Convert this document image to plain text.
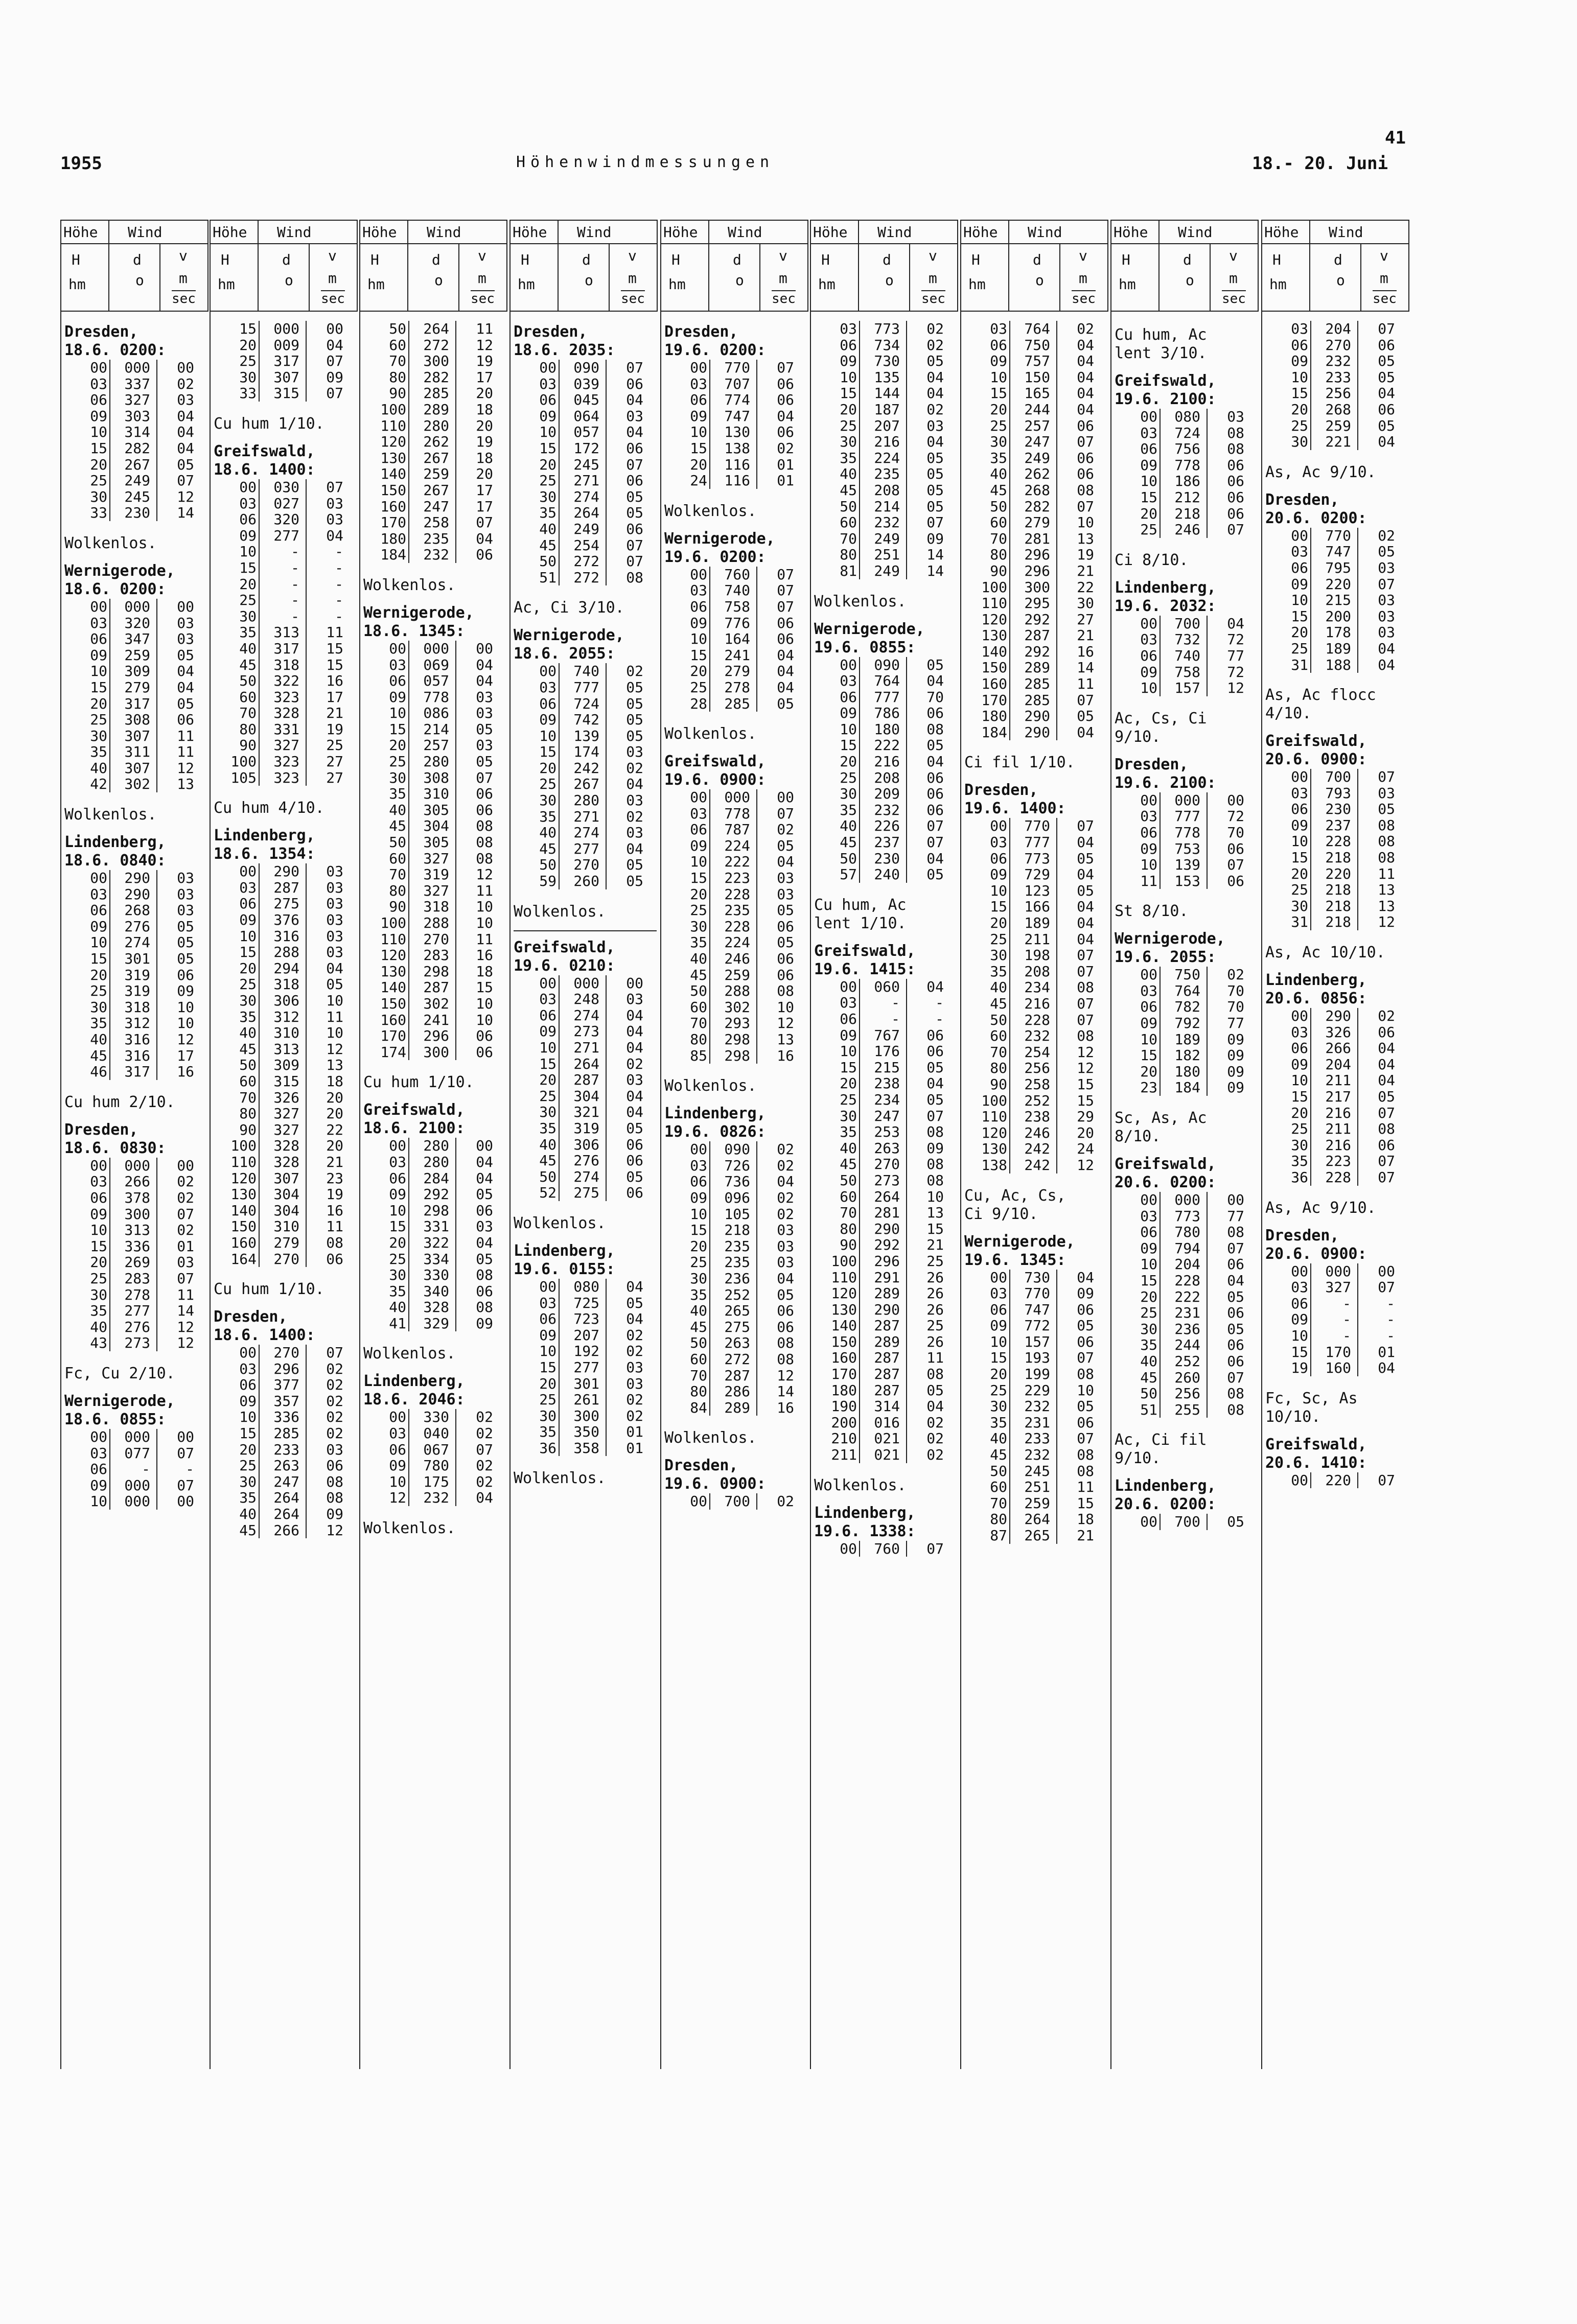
1955	Höhenwindmessungen
41
18.- 20. Juni
Höhe Wind
H
hm
d
o
v
m
sec
Dresden,
18.6. 0200:
00	000	00
03	337	02
06	327	03
09	303	04
10	314	04
15	282	04
20	267	05
25	249	07
30	245	12
33	230	14
Wolkenlos.
Wernigerode,
18.6. 0200:
00	000	00
03	320	03
06	347	03
09	259	05
10	309	04
15	279	04
20	317	05
25	308	06
30	307	11
35	311	11
40	307	12
42	302	13
Wolkenlos.
Lindenberg,
18.6. 0840:
00	290	03
03	290	03
06	268	03
09	276	05
10	274	05
15	301	05
20	319	06
25	319	09
30	318	10
35	312	10
40	316	12
45	316	17
46	317	16
Cu hum 2/10.
Dresden,
18.6. 0830:
00	000	00
03	266	02
06	378	02
09	300	07
10	313	02
15	336	01
20	269	03
25	283	07
30	278	11
35	277	14
40	276	12
43	273	12
Fc, Cu 2/10.
Wernigerode,
18.6. 0855:
00	000	00
03	077	07
06	-	-
09	000	07
10	000	00
Höhe Wind
H
hm
d
o
v
m
sec
15	000	00
20	009	04
25	317	07
30	307	09
33	315	07
Cu hum 1/10.
Greifswald,
18.6. 1400:
00	030	07
03	027	03
06	320	03
09	277	04
10	-	-
15	-	-
20	-	-
25	-	-
30	-	-
35	313	11
40	317	15
45	318	15
50	322	16
60	323	17
70	328	21
80	331	19
90	327	25
100	323	27
105	323	27
Cu hum 4/10.
Lindenberg,
18.6. 1354:
00	290	03
03	287	03
06	275	03
09	376	03
10	316	03
15	288	03
20	294	04
25	318	05
30	306	10
35	312	11
40	310	10
45	313	12
50	309	13
60	315	18
70	326	20
80	327	20
90	327	22
100	328	20
110	328	21
120	307	23
130	304	19
140	304	16
150	310	11
160	279	08
164	270	06
Cu hum 1/10.
Dresden,
18.6. 1400:
00	270	07
03	296	02
06	377	02
09	357	02
10	336	02
15	285	02
20	233	03
25	263	06
30	247	08
35	264	08
40	264	09
45	266	12
Höhe Wind
H
hm
d
o
v
m
sec
50	264	11
60	272	12
70	300	19
80	282	17
90	285	20
100	289	18
110	280	20
120	262	19
130	267	18
140	259	20
150	267	17
160	247	17
170	258	07
180	235	04
184	232	06
Wolkenlos.
Wernigerode,
18.6. 1345:
00	000	00
03	069	04
06	057	04
09	778	03
10	086	03
15	214	05
20	257	03
25	280	05
30	308	07
35	310	06
40	305	06
45	304	08
50	305	08
60	327	08
70	319	12
80	327	11
90	318	10
100	288	10
110	270	11
120	283	16
130	298	18
140	287	15
150	302	10
160	241	10
170	296	06
174	300	06
Cu hum 1/10.
Greifswald,
18.6. 2100:
00	280	00
03	280	04
06	284	04
09	292	05
10	298	06
15	331	03
20	322	04
25	334	05
30	330	08
35	340	06
40	328	08
41	329	09
Wolkenlos.
Lindenberg,
18.6. 2046:
00	330	02
03	040	02
06	067	07
09	780	02
10	175	02
12	232	04
Wolkenlos.
Höhe Wind
H
hm
d
o
v
m
sec
Dresden,
18.6. 2035:
00	090	07
03	039	06
06	045	04
09	064	03
10	057	04
15	172	06
20	245	07
25	271	06
30	274	05
35	264	05
40	249	06
45	254	07
50	272	07
51	272	08
Ac, Ci 3/10.
Wernigerode,
18.6. 2055:
00	740	02
03	777	05
06	724	05
09	742	05
10	139	05
15	174	03
20	242	02
25	267	04
30	280	03
35	271	02
40	274	03
45	277	04
50	270	05
59	260	05
Wolkenlos.
Greifswald,
19.6. 0210:
00	000	00
03	248	03
06	274	04
09	273	04
10	271	04
15	264	02
20	287	03
25	304	04
30	321	04
35	319	05
40	306	06
45	276	06
50	274	05
52	275	06
Wolkenlos.
Lindenberg,
19.6. 0155:
00	080	04
03	725	05
06	723	04
09	207	02
10	192	02
15	277	03
20	301	03
25	261	02
30	300	02
35	350	01
36	358	01
Wolkenlos.
Höhe Wind
H
hm
d
o
v
m
sec
Dresden,
19.6. 0200:
00	770	07
03	707	06
06	774	06
09	747	04
10	130	06
15	138	02
20	116	01
24	116	01
Wolkenlos.
Wernigerode,
19.6. 0200:
00	760	07
03	740	07
06	758	07
09	776	06
10	164	06
15	241	04
20	279	04
25	278	04
28	285	05
Wolkenlos.
Greifswald,
19.6. 0900:
00	000	00
03	778	07
06	787	02
09	224	05
10	222	04
15	223	03
20	228	03
25	235	05
30	228	06
35	224	05
40	246	06
45	259	06
50	288	08
60	302	10
70	293	12
80	298	13
85	298	16
Wolkenlos.
Lindenberg,
19.6. 0826:
00	090	02
03	726	02
06	736	04
09	096	02
10	105	02
15	218	03
20	235	03
25	235	03
30	236	04
35	252	05
40	265	06
45	275	06
50	263	08
60	272	08
70	287	12
80	286	14
84	289	16
Wolkenlos.
Dresden,
19.6. 0900:
00	700	02
Höhe Wind
H
hm
d
o
v
m
sec
03	773	02
06	734	02
09	730	05
10	135	04
15	144	04
20	187	02
25	207	03
30	216	04
35	224	05
40	235	05
45	208	05
50	214	05
60	232	07
70	249	09
80	251	14
81	249	14
Wolkenlos.
Wernigerode,
19.6. 0855:
00	090	05
03	764	04
06	777	70
09	786	06
10	180	08
15	222	05
20	216	04
25	208	06
30	209	06
35	232	06
40	226	07
45	237	07
50	230	04
57	240	05
Cu hum, Ac
lent 1/10.
Greifswald,
19.6. 1415:
00	060	04
03	-	-
06	-	-
09	767	06
10	176	06
15	215	05
20	238	04
25	234	05
30	247	07
35	253	08
40	263	09
45	270	08
50	273	08
60	264	10
70	281	13
80	290	15
90	292	21
100	296	25
110	291	26
120	289	26
130	290	26
140	287	25
150	289	26
160	287	11
170	287	08
180	287	05
190	314	04
200	016	02
210	021	02
211	021	02
Wolkenlos.
Lindenberg,
19.6. 1338:
00	760	07
Höhe Wind
H
hm
d
o
v
m
sec
03	764	02
06	750	04
09	757	04
10	150	04
15	165	04
20	244	04
25	257	06
30	247	07
35	249	06
40	262	06
45	268	08
50	282	07
60	279	10
70	281	13
80	296	19
90	296	21
100	300	22
110	295	30
120	292	27
130	287	21
140	292	16
150	289	14
160	285	11
170	285	07
180	290	05
184	290	04
Ci fil 1/10.
Dresden,
19.6. 1400:
00	770	07
03	777	04
06	773	05
09	729	04
10	123	05
15	166	04
20	189	04
25	211	04
30	198	07
35	208	07
40	234	08
45	216	07
50	228	07
60	232	08
70	254	12
80	256	12
90	258	15
100	252	15
110	238	29
120	246	20
130	242	24
138	242	12
Cu, Ac, Cs,
Ci 9/10.
Wernigerode,
19.6. 1345:
00	730	04
03	770	09
06	747	06
09	772	05
10	157	06
15	193	07
20	199	08
25	229	10
30	232	05
35	231	06
40	233	07
45	232	08
50	245	08
60	251	11
70	259	15
80	264	18
87	265	21
Höhe Wind
H
hm
d
o
v
m
sec
Cu hum, Ac
lent 3/10.
Greifswald,
19.6. 2100:
00	080	03
03	724	08
06	756	08
09	778	06
10	186	06
15	212	06
20	218	06
25	246	07
Ci 8/10.
Lindenberg,
19.6. 2032:
00	700	04
03	732	72
06	740	77
09	758	72
10	157	12
Ac, Cs, Ci
9/10.
Dresden,
19.6. 2100:
00	000	00
03	777	72
06	778	70
09	753	06
10	139	07
11	153	06
St 8/10.
Wernigerode,
19.6. 2055:
00	750	02
03	764	70
06	782	70
09	792	77
10	189	09
15	182	09
20	180	09
23	184	09
Sc, As, Ac
8/10.
Greifswald,
20.6. 0200:
00	000	00
03	773	77
06	780	08
09	794	07
10	204	06
15	228	04
20	222	05
25	231	06
30	236	05
35	244	06
40	252	06
45	260	07
50	256	08
51	255	08
Ac, Ci fil
9/10.
Lindenberg,
20.6. 0200:
00	700	05
Höhe Wind
H
hm
d
o
v
m
sec
03	204	07
06	270	06
09	232	05
10	233	05
15	256	04
20	268	06
25	259	05
30	221	04
As, Ac 9/10.
Dresden,
20.6. 0200:
00	770	02
03	747	05
06	795	03
09	220	07
10	215	03
15	200	03
20	178	03
25	189	04
31	188	04
As, Ac flocc
4/10.
Greifswald,
20.6. 0900:
00	700	07
03	793	03
06	230	05
09	237	08
10	228	08
15	218	08
20	220	11
25	218	13
30	218	13
31	218	12
As, Ac 10/10.
Lindenberg,
20.6. 0856:
00	290	02
03	326	06
06	266	04
09	204	04
10	211	04
15	217	05
20	216	07
25	211	08
30	216	06
35	223	07
36	228	07
As, Ac 9/10.
Dresden,
20.6. 0900:
00	000	00
03	327	07
06	-	-
09	-	-
10	-	-
15	170	01
19	160	04
Fc, Sc, As
10/10.
Greifswald,
20.6. 1410:
00	220	07
